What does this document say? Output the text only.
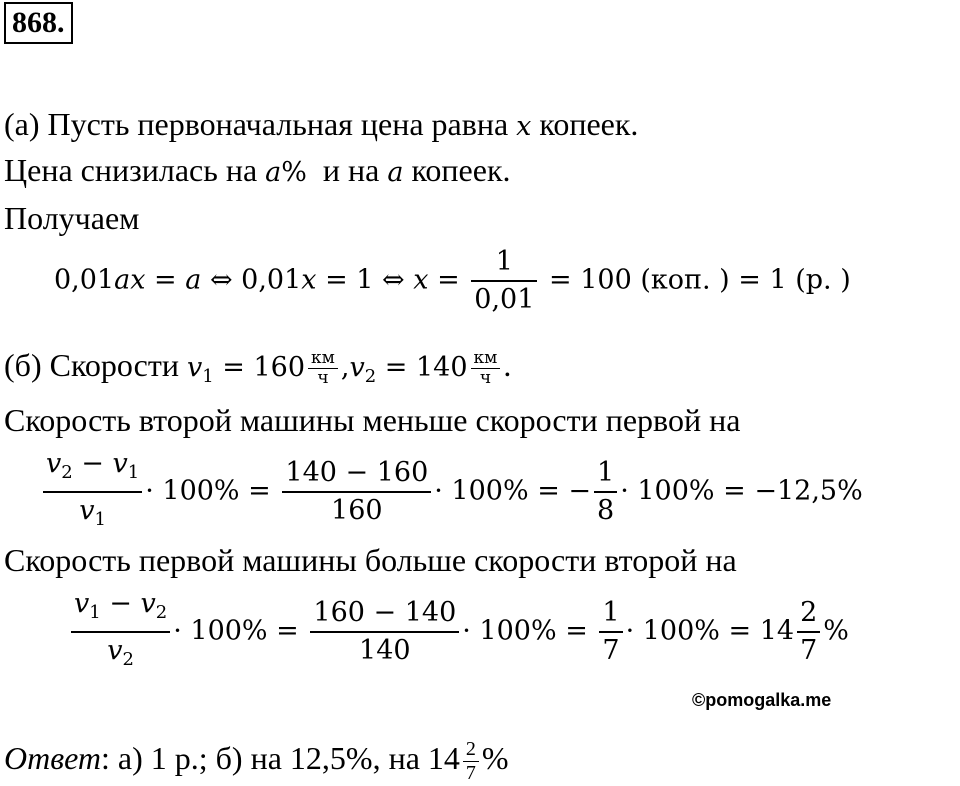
868.
(а) Пусть первоначальная цена равна x копеек.
Цена снизилась на a% и на a копеек.
Получаем
0,01ax = a ⇔ 0,01x = 1 ⇔ $x = \frac{1}{0,01} = 100$ (коп. ) = 1 (р. )
(б) Скорости $v_1 = 160 \frac{км}{ч} ,v_2 = 140 \frac{км}{ч}$ .
Скорость второй машины меньше скорости первой на
$\frac{v_2 - v_1}{v_1} \cdot 100\% = \frac{140 - 160}{160} \cdot 100\%$ = − $\frac{1}{8} \cdot 100\% = -12,5\%$
Скорость первой машины больше скорости второй на
$\frac{v_1 - v_2}{v_2} \cdot 100\% = \frac{160 - 140}{140} \cdot 100\% = \frac{1}{7} \cdot 100\% = 14 \frac{2}{7}$ %
©pomogalka.me
Ответ: а) 1 р.; б) на 12,5%, на $14 \frac{2}{7}$ %
